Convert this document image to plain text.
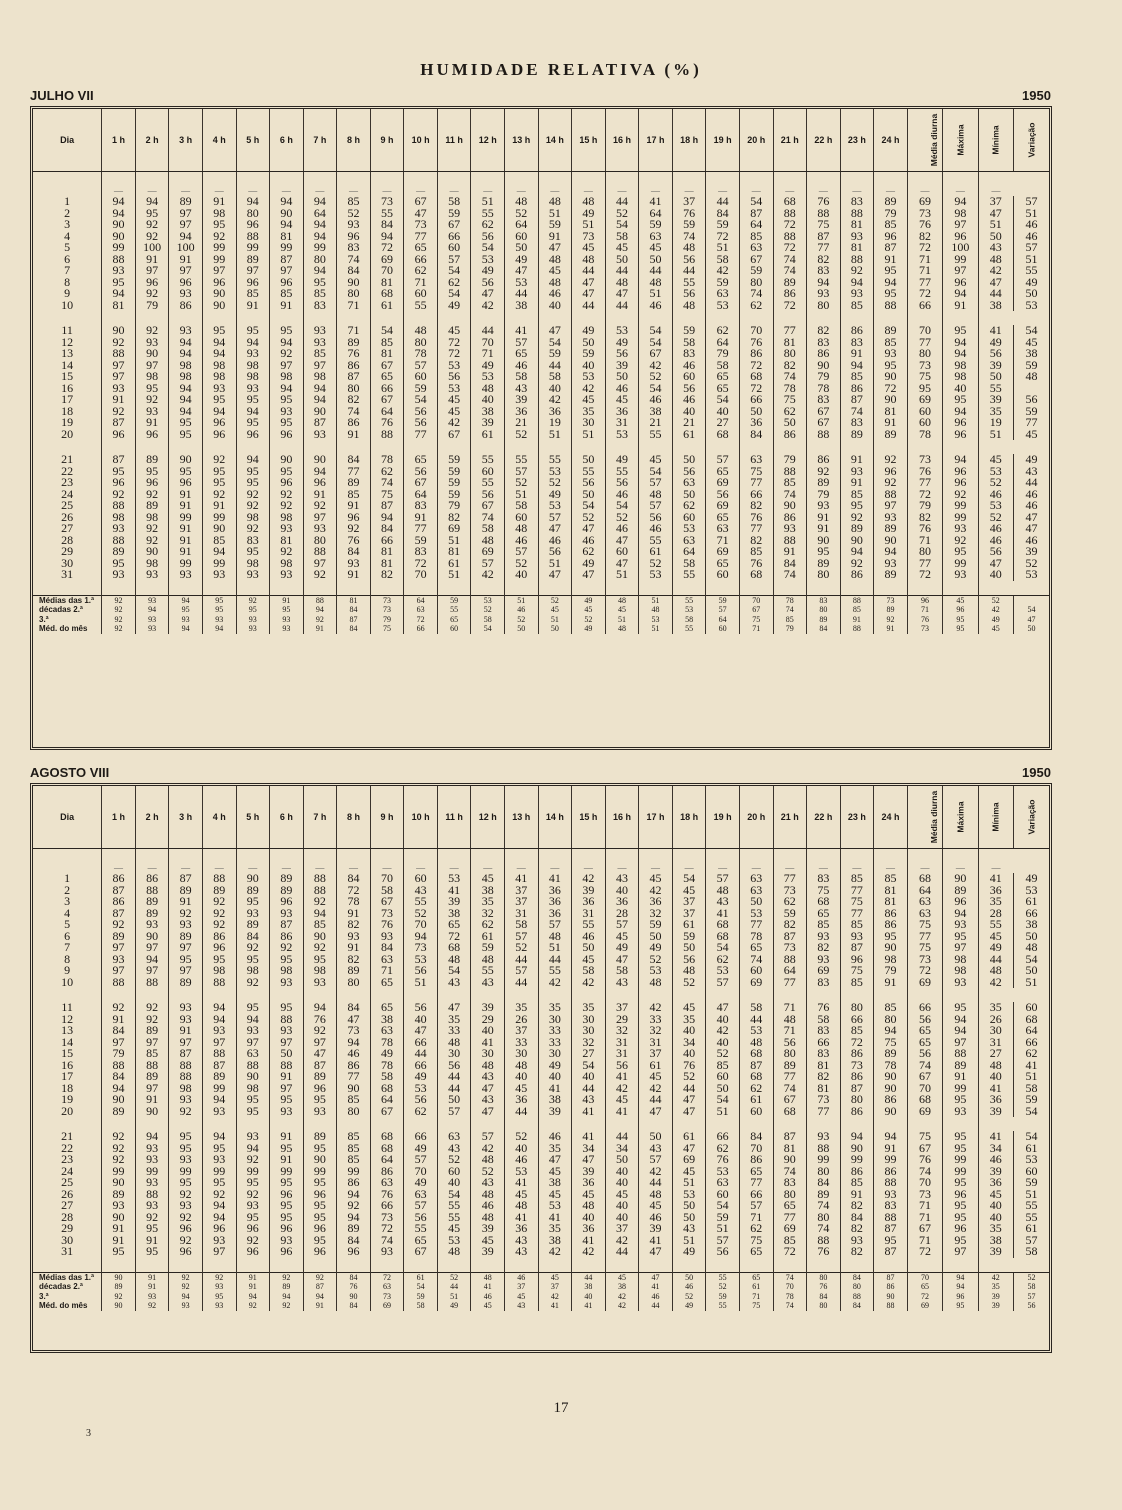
HUMIDADE RELATIVA (%)
JULHO VII	1950
Dia	1 h	2 h	3 h	4 h	5 h	6 h	7 h	8 h	9 h	10 h	11 h	12 h	13 h	14 h	15 h	16 h	17 h	18 h	19 h	20 h	21 h	22 h	23 h	24 h	Média diurna	Máxima	Mínima	Variação

	—	—	—	—	—	—	—	—	—	—	—	—	—	—	—	—	—	—	—	—	—	—	—	—	—	—	—	
1	94	94	89	91	94	94	94	85	73	67	58	51	48	48	48	44	41	37	44	54	68	76	83	89	69	94	37	57
2	94	95	97	98	80	90	64	52	55	47	59	55	52	51	49	52	64	76	84	87	88	88	88	79	73	98	47	51
3	90	92	97	95	96	94	94	93	84	73	67	62	64	59	51	54	59	59	59	64	72	75	81	85	76	97	51	46
4	90	92	94	92	88	81	94	96	94	77	66	56	60	91	73	58	63	74	72	85	88	87	93	96	82	96	50	46
5	99	100	100	99	99	99	99	83	72	65	60	54	50	47	45	45	45	48	51	63	72	77	81	87	72	100	43	57
6	88	91	91	99	89	87	80	74	69	66	57	53	49	48	48	50	50	56	58	67	74	82	88	91	71	99	48	51
7	93	97	97	97	97	97	94	84	70	62	54	49	47	45	44	44	44	44	42	59	74	83	92	95	71	97	42	55
8	95	96	96	96	96	96	95	90	81	71	62	56	53	48	47	48	48	55	59	80	89	94	94	94	77	96	47	49
9	94	92	93	90	85	85	85	80	68	60	54	47	44	46	47	47	51	56	63	74	86	93	93	95	72	94	44	50
10	81	79	86	90	91	91	83	71	61	55	49	42	38	40	44	44	46	48	53	62	72	80	85	88	66	91	38	53

11	90	92	93	95	95	95	93	71	54	48	45	44	41	47	49	53	54	59	62	70	77	82	86	89	70	95	41	54
12	92	93	94	94	94	94	93	89	85	80	72	70	57	54	50	49	54	58	64	76	81	83	83	85	77	94	49	45
13	88	90	94	94	93	92	85	76	81	78	72	71	65	59	59	56	67	83	79	86	80	86	91	93	80	94	56	38
14	97	97	98	98	98	97	97	86	67	57	53	49	46	44	40	39	42	46	58	72	82	90	94	95	73	98	39	59
15	97	98	98	98	98	98	98	87	65	60	56	53	58	58	53	50	52	60	65	68	74	79	85	90	75	98	50	48
16	93	95	94	93	93	94	94	80	66	59	53	48	43	40	42	46	54	56	65	72	78	78	86	72	95	40	55	
17	91	92	94	95	95	95	94	82	67	54	45	40	39	42	45	45	46	46	54	66	75	83	87	90	69	95	39	56
18	92	93	94	94	94	93	90	74	64	56	45	38	36	36	35	36	38	40	40	50	62	67	74	81	60	94	35	59
19	87	91	95	96	95	95	87	86	76	56	42	39	21	19	30	31	21	21	27	36	50	67	83	91	60	96	19	77
20	96	96	95	96	96	96	93	91	88	77	67	61	52	51	51	53	55	61	68	84	86	88	89	89	78	96	51	45

21	87	89	90	92	94	90	90	84	78	65	59	55	55	55	50	49	45	50	57	63	79	86	91	92	73	94	45	49
22	95	95	95	95	95	95	94	77	62	56	59	60	57	53	55	55	54	56	65	75	88	92	93	96	76	96	53	43
23	96	96	96	95	95	96	96	89	74	67	59	55	52	52	56	56	57	63	69	77	85	89	91	92	77	96	52	44
24	92	92	91	92	92	92	91	85	75	64	59	56	51	49	50	46	48	50	56	66	74	79	85	88	72	92	46	46
25	88	89	91	91	92	92	92	91	87	83	79	67	58	53	54	54	57	62	69	82	90	93	95	97	79	99	53	46
26	98	98	99	99	98	98	97	96	94	91	82	74	60	57	52	52	56	60	65	76	86	91	92	93	82	99	52	47
27	93	92	91	90	92	93	93	92	84	77	69	58	48	47	47	46	46	53	63	77	93	91	89	89	76	93	46	47
28	88	92	91	85	83	81	80	76	66	59	51	48	46	46	46	47	55	63	71	82	88	90	90	90	71	92	46	46
29	89	90	91	94	95	92	88	84	81	83	81	69	57	56	62	60	61	64	69	85	91	95	94	94	80	95	56	39
30	95	98	99	99	98	98	97	93	81	72	61	57	52	51	49	47	52	58	65	76	84	89	92	93	77	99	47	52
31	93	93	93	93	93	93	92	91	82	70	51	42	40	47	47	51	53	55	60	68	74	80	86	89	72	93	40	53

Médias das 1.ª	92	93	94	95	92	91	88	81	73	64	59	53	51	52	49	48	51	55	59	70	78	83	88	73	96	45	52	
décadas 2.ª	92	94	95	95	95	95	94	84	73	63	55	52	46	45	45	45	48	53	57	67	74	80	85	89	71	96	42	54
3.ª	92	93	93	93	93	93	92	87	79	72	65	58	52	51	52	51	53	58	64	75	85	89	91	92	76	95	49	47
Méd. do mês	92	93	94	94	93	93	91	84	75	66	60	54	50	50	49	48	51	55	60	71	79	84	88	91	73	95	45	50
AGOSTO VIII	1950
Dia	1 h	2 h	3 h	4 h	5 h	6 h	7 h	8 h	9 h	10 h	11 h	12 h	13 h	14 h	15 h	16 h	17 h	18 h	19 h	20 h	21 h	22 h	23 h	24 h	Média diurna	Máxima	Mínima	Variação

	—	—	—	—	—	—	—	—	—	—	—	—	—	—	—	—	—	—	—	—	—	—	—	—	—	—	—	
1	86	86	87	88	90	89	88	84	70	60	53	45	41	41	42	43	45	54	57	63	77	83	85	85	68	90	41	49
2	87	88	89	89	89	89	88	72	58	43	41	38	37	36	39	40	42	45	48	63	73	75	77	81	64	89	36	53
3	86	89	91	92	95	96	92	78	67	55	39	35	37	36	36	36	36	37	43	50	62	68	75	81	63	96	35	61
4	87	89	92	92	93	93	94	91	73	52	38	32	31	36	31	28	32	37	41	53	59	65	77	86	63	94	28	66
5	92	93	93	92	89	87	85	82	76	70	65	62	58	57	55	57	59	61	68	77	82	85	85	86	75	93	55	38
6	89	90	89	86	84	86	90	93	93	94	72	61	57	48	46	45	50	59	68	78	87	93	93	95	77	95	45	50
7	97	97	97	96	92	92	92	91	84	73	68	59	52	51	50	49	49	50	54	65	73	82	87	90	75	97	49	48
8	93	94	95	95	95	95	95	82	63	53	48	48	44	44	45	47	52	56	62	74	88	93	96	98	73	98	44	54
9	97	97	97	98	98	98	98	89	71	56	54	55	57	55	58	58	53	48	53	60	64	69	75	79	72	98	48	50
10	88	88	89	88	92	93	93	80	65	51	43	43	44	42	42	43	48	52	57	69	77	83	85	91	69	93	42	51

11	92	92	93	94	95	95	94	84	65	56	47	39	35	35	35	37	42	45	47	58	71	76	80	85	66	95	35	60
12	91	92	93	94	94	88	76	47	38	40	35	29	26	30	30	29	33	35	40	44	48	58	66	80	56	94	26	68
13	84	89	91	93	93	93	92	73	63	47	33	40	37	33	30	32	32	40	42	53	71	83	85	94	65	94	30	64
14	97	97	97	97	97	97	97	94	78	66	48	41	33	33	32	31	31	34	40	48	56	66	72	75	65	97	31	66
15	79	85	87	88	63	50	47	46	49	44	30	30	30	30	27	31	37	40	52	68	80	83	86	89	56	88	27	62
16	88	88	88	87	88	88	87	86	78	66	56	48	48	49	54	56	61	76	85	87	89	81	73	78	74	89	48	41
17	84	89	88	89	90	91	89	77	58	49	44	43	40	40	40	41	45	52	60	68	77	82	86	90	67	91	40	51
18	94	97	98	99	98	97	96	90	68	53	44	47	45	41	44	42	42	44	50	62	74	81	87	90	70	99	41	58
19	90	91	93	94	95	95	95	85	64	56	50	43	36	38	43	45	44	47	54	61	67	73	80	86	68	95	36	59
20	89	90	92	93	95	93	93	80	67	62	57	47	44	39	41	41	47	47	51	60	68	77	86	90	69	93	39	54

21	92	94	95	94	93	91	89	85	68	66	63	57	52	46	41	44	50	61	66	84	87	93	94	94	75	95	41	54
22	92	93	95	95	94	95	95	85	68	49	43	42	40	35	34	34	43	47	62	70	81	88	90	91	67	95	34	61
23	92	93	93	93	92	91	90	85	64	57	52	48	46	47	47	50	57	69	76	86	90	99	99	99	76	99	46	53
24	99	99	99	99	99	99	99	99	86	70	60	52	53	45	39	40	42	45	53	65	74	80	86	86	74	99	39	60
25	90	93	95	95	95	95	95	86	63	49	40	43	41	38	36	40	44	51	63	77	83	84	85	88	70	95	36	59
26	89	88	92	92	92	96	96	94	76	63	54	48	45	45	45	45	48	53	60	66	80	89	91	93	73	96	45	51
27	93	93	93	94	93	95	95	92	66	57	55	46	48	53	48	40	45	50	54	57	65	74	82	83	71	95	40	55
28	90	92	92	94	95	95	95	94	73	56	55	48	41	41	40	40	46	50	59	71	77	80	84	88	71	95	40	55
29	91	95	96	96	96	96	96	89	72	55	45	39	36	35	36	37	39	43	51	62	69	74	82	87	67	96	35	61
30	91	91	92	93	92	93	95	84	74	65	53	45	43	38	41	42	41	51	57	75	85	88	93	95	71	95	38	57
31	95	95	96	97	96	96	96	96	93	67	48	39	43	42	42	44	47	49	56	65	72	76	82	87	72	97	39	58

Médias das 1.ª	90	91	92	92	91	92	92	84	72	61	52	48	46	45	44	45	47	50	55	65	74	80	84	87	70	94	42	52
décadas 2.ª	89	91	92	93	91	89	87	76	63	54	44	41	37	37	38	38	41	46	52	61	70	76	80	86	65	94	35	58
3.ª	92	93	94	95	94	94	94	90	73	59	51	46	45	42	40	42	46	52	59	71	78	84	88	90	72	96	39	57
Méd. do mês	90	92	93	93	92	92	91	84	69	58	49	45	43	41	41	42	44	49	55	75	74	80	84	88	69	95	39	56
17
3
